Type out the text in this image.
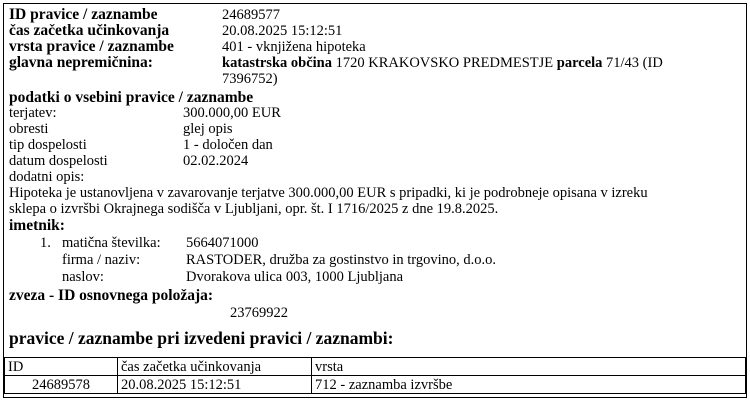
ID pravice / zaznambe	24689577
čas začetka učinkovanja	20.08.2025 15:12:51
vrsta pravice / zaznambe	401 - vknjižena hipoteka
glavna nepremičnina:	katastrska občina 1720 KRAKOVSKO PREDMESTJE parcela 71/43 (ID
7396752)
podatki o vsebini pravice / zaznambe
terjatev:	300.000,00 EUR
obresti	glej opis
tip dospelosti	1 - določen dan
datum dospelosti	02.02.2024
dodatni opis:
Hipoteka je ustanovljena v zavarovanje terjatve 300.000,00 EUR s pripadki, ki je podrobneje opisana v izreku
sklepa o izvršbi Okrajnega sodišča v Ljubljani, opr. št. I 1716/2025 z dne 19.8.2025.
imetnik:
1. matična številka: 5664071000
firma / naziv:	RASTODER, družba za gostinstvo in trgovino, d.o.o.
naslov:	Dvorakova ulica 003, 1000 Ljubljana
zveza - ID osnovnega položaja:
23769922
pravice / zaznambe pri izvedeni pravici / zaznambi:
ID	čas začetka učinkovanja	vrsta
24689578	20.08.2025 15:12:51	712 - zaznamba izvršbe
